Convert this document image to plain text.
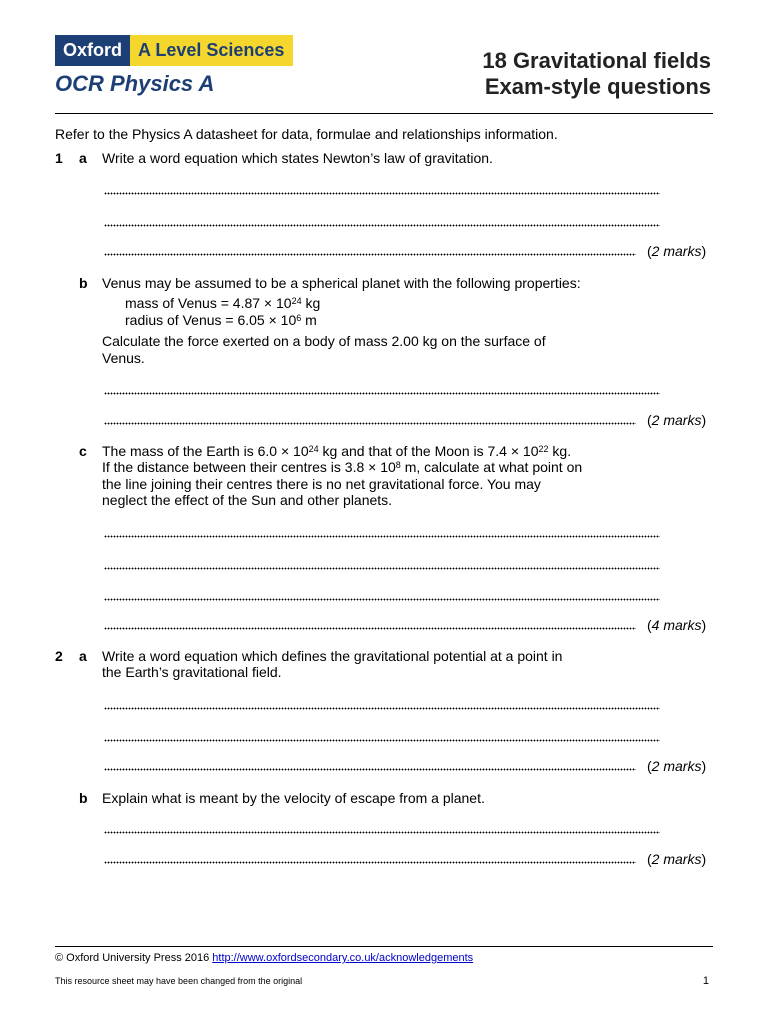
Oxford A Level Sciences
OCR Physics A
18 Gravitational fields
Exam-style questions
Refer to the Physics A datasheet for data, formulae and relationships information.
1 a Write a word equation which states Newton’s law of gravitation.
(2 marks)
b Venus may be assumed to be a spherical planet with the following properties:
mass of Venus = $4.87 \times 10^{24}$ kg
radius of Venus = $6.05 \times 10^6$ m
Calculate the force exerted on a body of mass 2.00 kg on the surface of
Venus.
(2 marks)
c The mass of the Earth is $6.0 \times 10^{24}$ kg and that of the Moon is $7.4 \times 10^{22}$ kg.
If the distance between their centres is $3.8 \times 10^8$ m, calculate at what point on
the line joining their centres there is no net gravitational force. You may
neglect the effect of the Sun and other planets.
(4 marks)
2 a Write a word equation which defines the gravitational potential at a point in
the Earth’s gravitational field.
(2 marks)
b Explain what is meant by the velocity of escape from a planet.
(2 marks)
© Oxford University Press 2016 http://www.oxfordsecondary.co.uk/acknowledgements
This resource sheet may have been changed from the original	1
